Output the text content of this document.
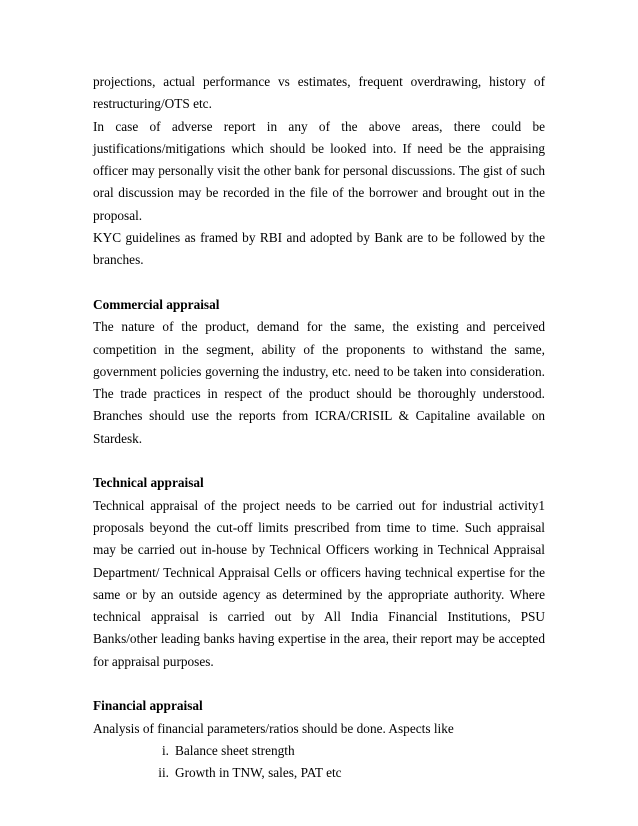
projections, actual performance vs estimates, frequent overdrawing, history of restructuring/OTS etc.

In case of adverse report in any of the above areas, there could be justifications/mitigations which should be looked into. If need be the appraising officer may personally visit the other bank for personal discussions. The gist of such oral discussion may be recorded in the file of the borrower and brought out in the proposal.

KYC guidelines as framed by RBI and adopted by Bank are to be followed by the branches.

Commercial appraisal

The nature of the product, demand for the same, the existing and perceived competition in the segment, ability of the proponents to withstand the same, government policies governing the industry, etc. need to be taken into consideration. The trade practices in respect of the product should be thoroughly understood. Branches should use the reports from ICRA/CRISIL & Capitaline available on Stardesk.

Technical appraisal

Technical appraisal of the project needs to be carried out for industrial activity1 proposals beyond the cut-off limits prescribed from time to time. Such appraisal may be carried out in-house by Technical Officers working in Technical Appraisal Department/ Technical Appraisal Cells or officers having technical expertise for the same or by an outside agency as determined by the appropriate authority. Where technical appraisal is carried out by All India Financial Institutions, PSU Banks/other leading banks having expertise in the area, their report may be accepted for appraisal purposes.

Financial appraisal

Analysis of financial parameters/ratios should be done. Aspects like

i. Balance sheet strength
ii. Growth in TNW, sales, PAT etc
